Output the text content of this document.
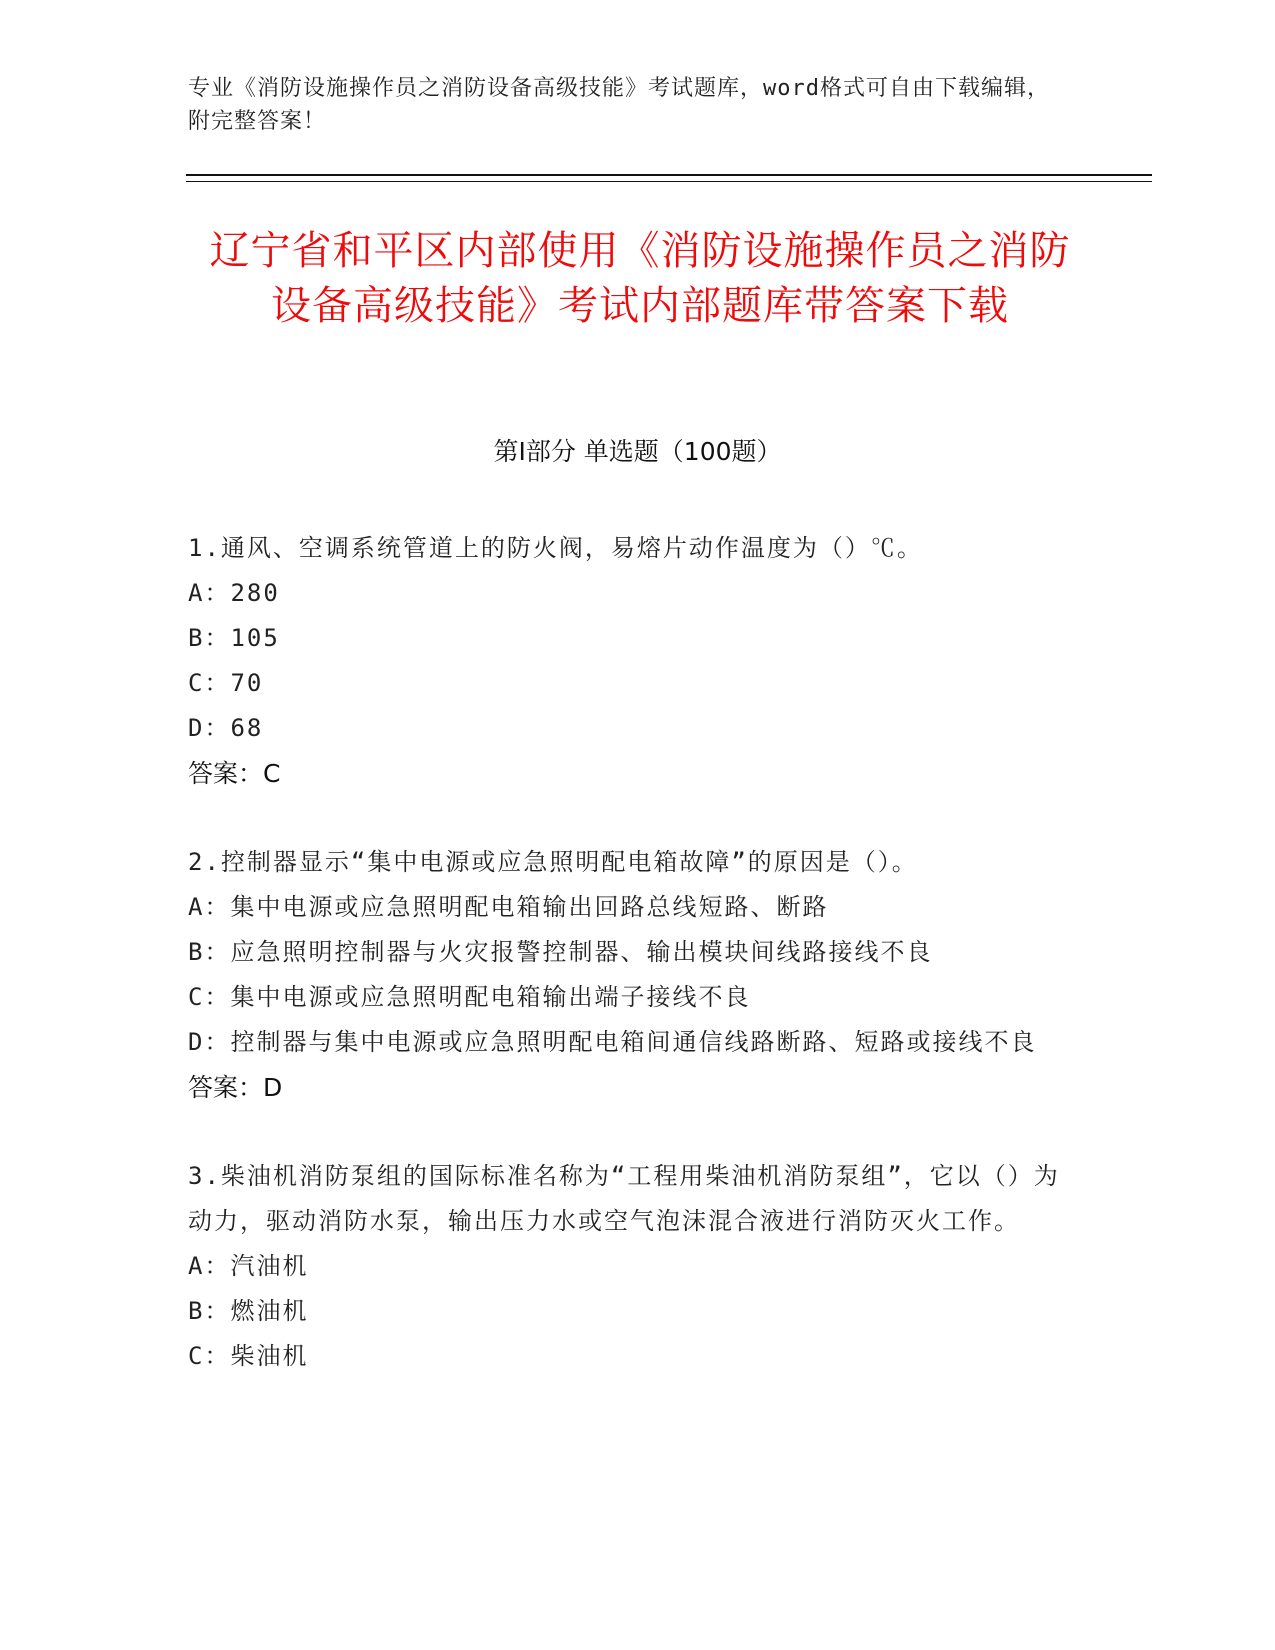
专业《消防设施操作员之消防设备高级技能》考试题库，word格式可自由下载编辑，附完整答案！
辽宁省和平区内部使用《消防设施操作员之消防设备高级技能》考试内部题库带答案下载
第I部分 单选题（100题）

1.通风、空调系统管道上的防火阀，易熔片动作温度为（）℃。

A：280

B：105

C：70

D：68

答案：C

2.控制器显示“集中电源或应急照明配电箱故障”的原因是（）。

A：集中电源或应急照明配电箱输出回路总线短路、断路

B：应急照明控制器与火灾报警控制器、输出模块间线路接线不良

C：集中电源或应急照明配电箱输出端子接线不良

D：控制器与集中电源或应急照明配电箱间通信线路断路、短路或接线不良

答案：D

3.柴油机消防泵组的国际标准名称为“工程用柴油机消防泵组”，它以（）为动力，驱动消防水泵，输出压力水或空气泡沫混合液进行消防灭火工作。

A：汽油机

B：燃油机

C：柴油机
